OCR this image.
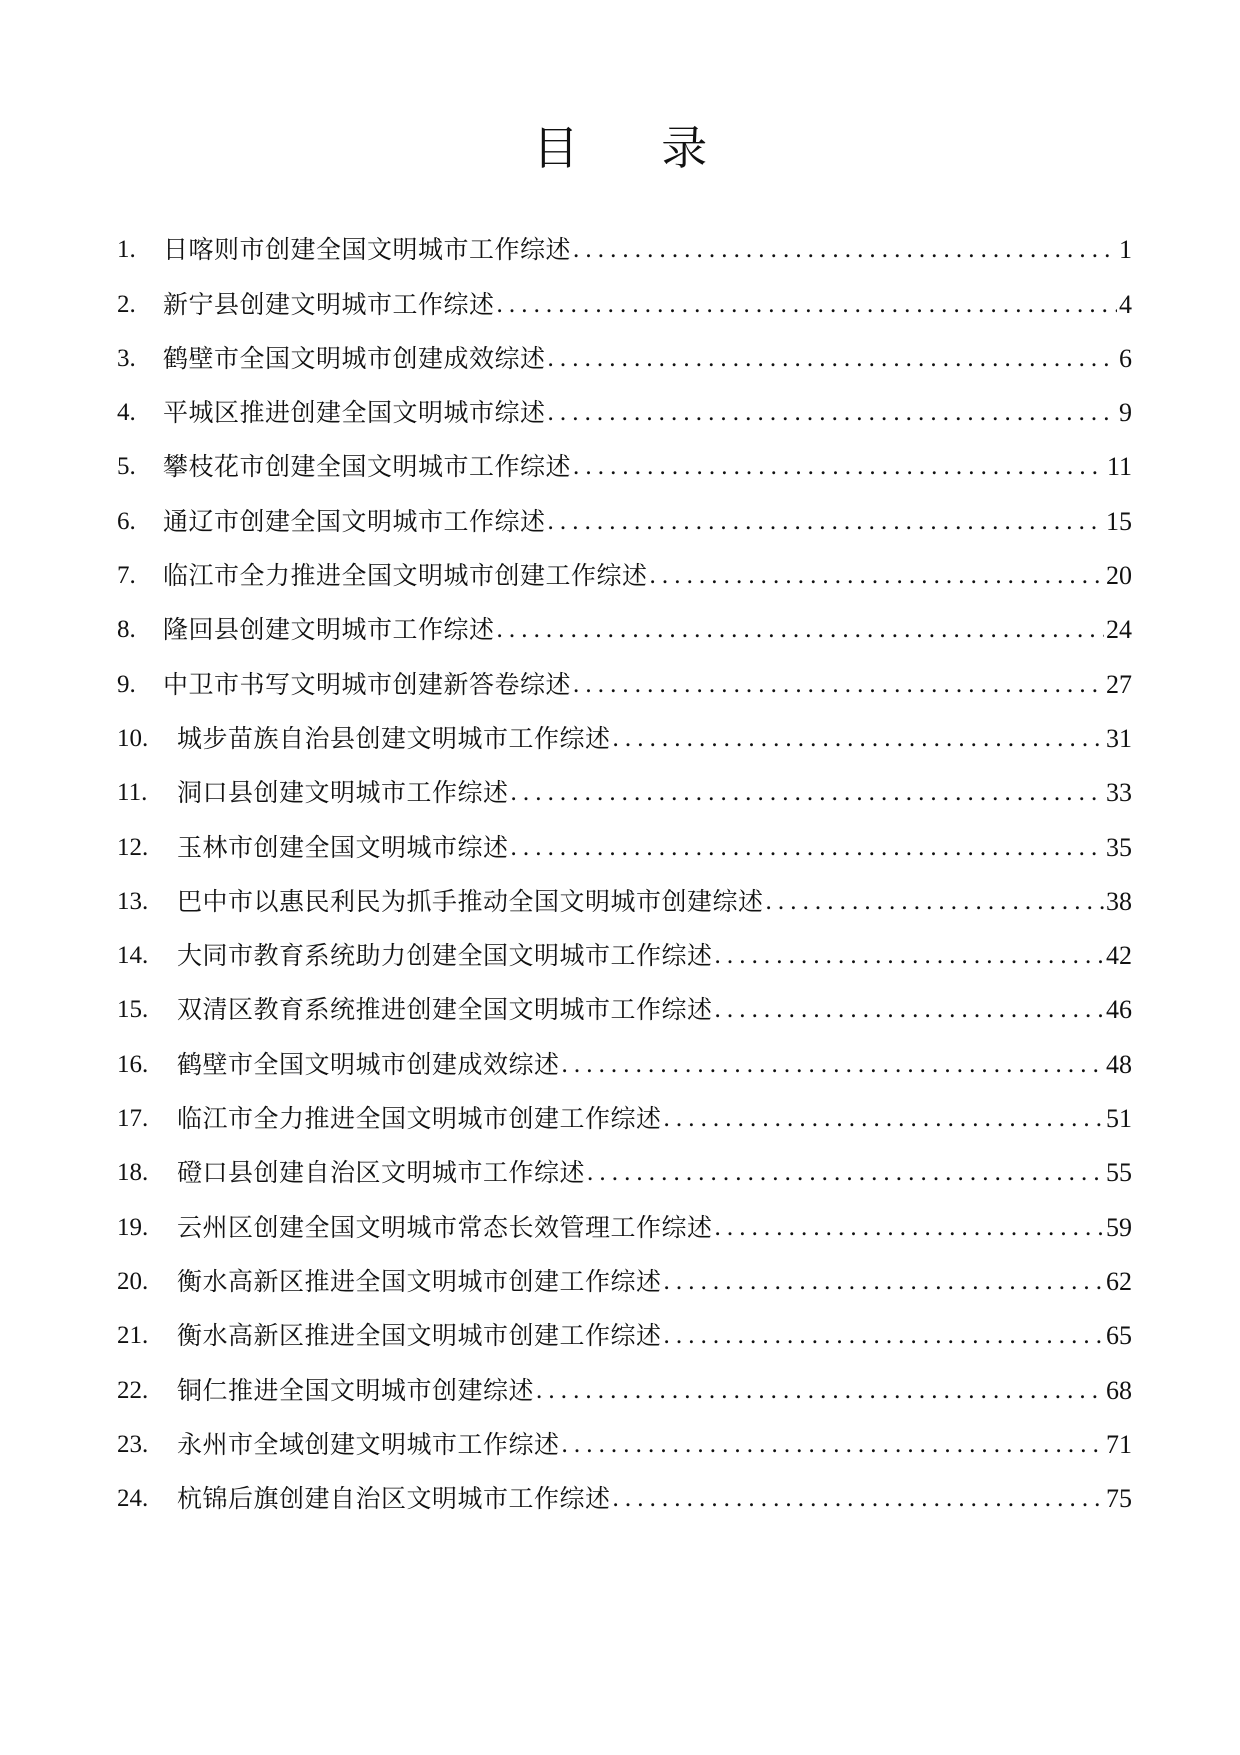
目 录
1.	日喀则市创建全国文明城市工作综述 .....	1
2.	新宁县创建文明城市工作综述 .....	4
3.	鹤壁市全国文明城市创建成效综述 .....	6
4.	平城区推进创建全国文明城市综述 .....	9
5.	攀枝花市创建全国文明城市工作综述 .....	11
6.	通辽市创建全国文明城市工作综述 .....	15
7.	临江市全力推进全国文明城市创建工作综述 .....	20
8.	隆回县创建文明城市工作综述 .....	24
9.	中卫市书写文明城市创建新答卷综述 .....	27
10.	城步苗族自治县创建文明城市工作综述 .....	31
11.	洞口县创建文明城市工作综述 .....	33
12.	玉林市创建全国文明城市综述 .....	35
13.	巴中市以惠民利民为抓手推动全国文明城市创建综述 .....	38
14.	大同市教育系统助力创建全国文明城市工作综述 .....	42
15.	双清区教育系统推进创建全国文明城市工作综述 .....	46
16.	鹤壁市全国文明城市创建成效综述 .....	48
17.	临江市全力推进全国文明城市创建工作综述 .....	51
18.	磴口县创建自治区文明城市工作综述 .....	55
19.	云州区创建全国文明城市常态长效管理工作综述 .....	59
20.	衡水高新区推进全国文明城市创建工作综述 .....	62
21.	衡水高新区推进全国文明城市创建工作综述 .....	65
22.	铜仁推进全国文明城市创建综述 .....	68
23.	永州市全域创建文明城市工作综述 .....	71
24.	杭锦后旗创建自治区文明城市工作综述 .....	75
